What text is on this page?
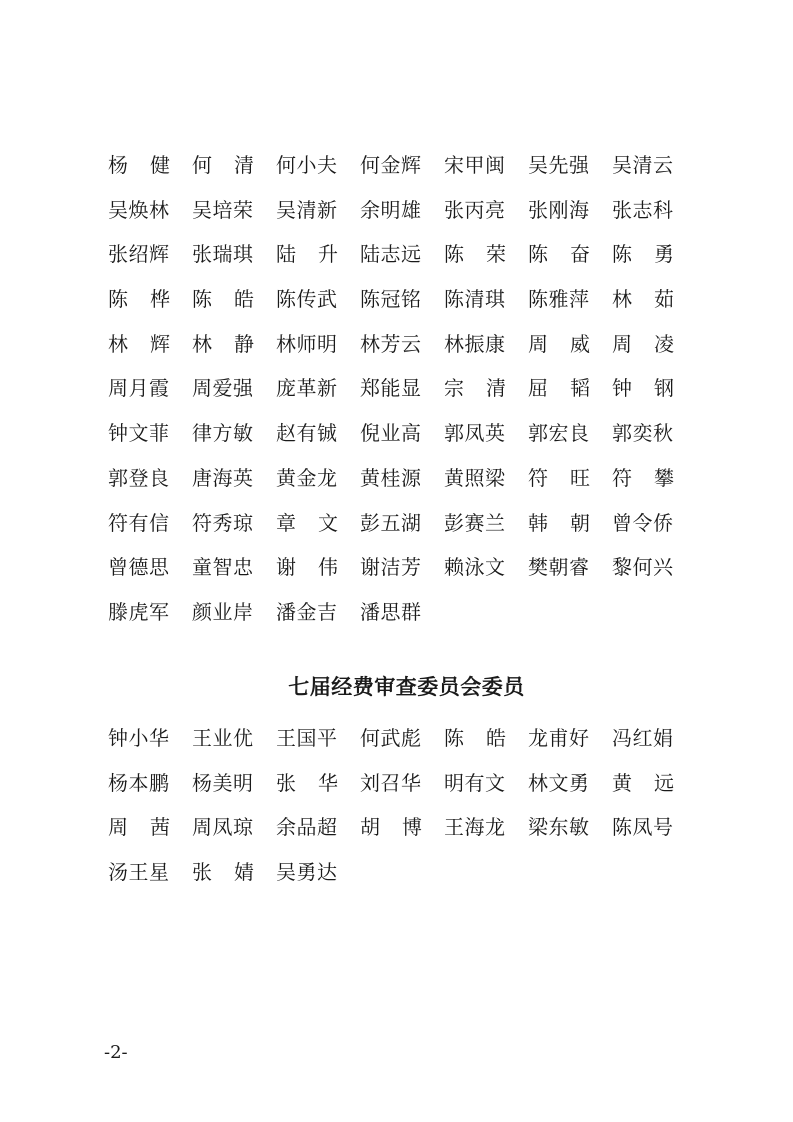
杨健 何清 何小夫	何金辉	宋甲闽	吴先强	吴清云
吴焕林	吴培荣	吴清新	余明雄	张丙亮	张刚海	张志科
张绍辉	张瑞琪	陆升 陆志远	陈荣 陈奋 陈勇
陈桦 陈皓 陈传武	陈冠铭	陈清琪	陈雅萍	林茹
林辉 林静 林师明	林芳云	林振康	周威 周凌
周月霞	周爱强	庞革新	郑能显	宗清 屈韬 钟钢
钟文菲	律方敏	赵有铖	倪业高	郭凤英	郭宏良	郭奕秋
郭登良	唐海英	黄金龙	黄桂源	黄照梁	符旺 符攀
符有信	符秀琼	章文 彭五湖	彭赛兰	韩朝 曾令侨
曾德思	童智忠	谢伟 谢洁芳	赖泳文	樊朝睿	黎何兴
滕虎军	颜业岸	潘金吉	潘思群
七届经费审查委员会委员
钟小华	王业优	王国平	何武彪	陈皓 龙甫好	冯红娟
杨本鹏	杨美明	张华 刘召华	明有文	林文勇	黄远
周茜 周凤琼	余品超	胡博 王海龙	梁东敏	陈凤号
汤王星	张婧 吴勇达
-2-
